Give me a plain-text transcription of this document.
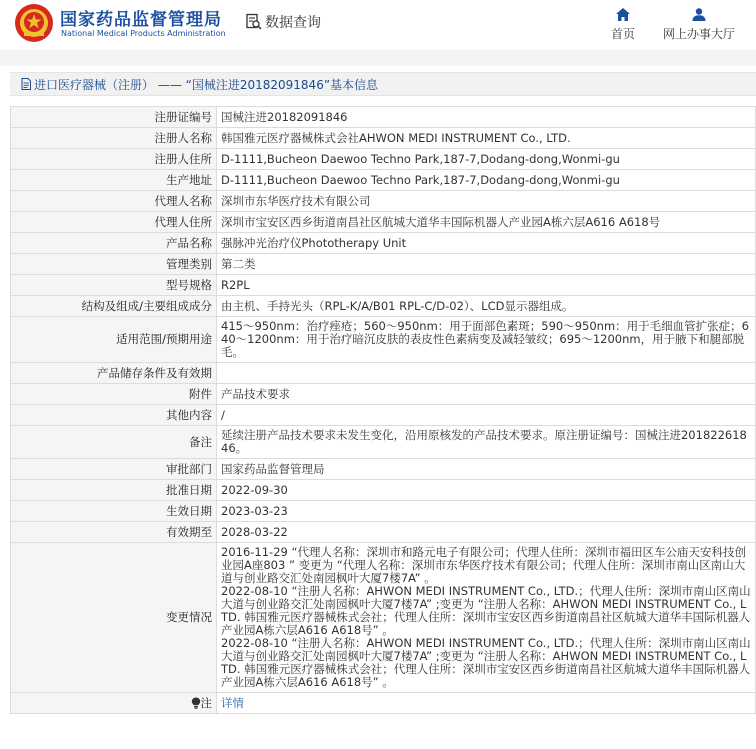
国家药品监督管理局
National Medical Products Administration
数据查询
首页 网上办事大厅
进口医疗器械（注册） —— “国械注进20182091846”基本信息
注册证编号	国械注进20182091846
注册人名称	韩国雅元医疗器械株式会社AHWON MEDI INSTRUMENT Co., LTD.
注册人住所	D-1111,Bucheon Daewoo Techno Park,187-7,Dodang-dong,Wonmi-gu
生产地址	D-1111,Bucheon Daewoo Techno Park,187-7,Dodang-dong,Wonmi-gu
代理人名称	深圳市东华医疗技术有限公司
代理人住所	深圳市宝安区西乡街道南昌社区航城大道华丰国际机器人产业园A栋六层A616 A618号
产品名称	强脉冲光治疗仪Phototherapy Unit
管理类别	第二类
型号规格	R2PL
结构及组成/主要组成成分	由主机、手持光头（RPL-K/A/B01 RPL-C/D-02）、LCD显示器组成。
适用范围/预期用途	415～950nm：治疗痤疮；560～950nm：用于面部色素斑；590～950nm：用于毛细血管扩张症；640～1200nm：用于治疗暗沉皮肤的表皮性色素病变及减轻皱纹；695～1200nm，用于腋下和腿部脱毛。
产品储存条件及有效期	
附件	产品技术要求
其他内容	/
备注	延续注册产品技术要求未发生变化，沿用原核发的产品技术要求。原注册证编号：国械注进20182261846。
审批部门	国家药品监督管理局
批准日期	2022-09-30
生效日期	2023-03-23
有效期至	2028-03-22
变更情况	2016-11-29 “代理人名称：深圳市和路元电子有限公司；代理人住所：深圳市福田区车公庙天安科技创业园A座803 ” 变更为 “代理人名称：深圳市东华医疗技术有限公司；代理人住所：深圳市南山区南山大道与创业路交汇处南园枫叶大厦7楼7A” 。
2022-08-10 “注册人名称：AHWON MEDI INSTRUMENT Co., LTD.；代理人住所：深圳市南山区南山大道与创业路交汇处南园枫叶大厦7楼7A” ;变更为 “注册人名称：AHWON MEDI INSTRUMENT Co., LTD. 韩国雅元医疗器械株式会社；代理人住所：深圳市宝安区西乡街道南昌社区航城大道华丰国际机器人产业园A栋六层A616 A618号” 。
2022-08-10 “注册人名称：AHWON MEDI INSTRUMENT Co., LTD.；代理人住所：深圳市南山区南山大道与创业路交汇处南园枫叶大厦7楼7A” ;变更为 “注册人名称：AHWON MEDI INSTRUMENT Co., LTD. 韩国雅元医疗器械株式会社；代理人住所：深圳市宝安区西乡街道南昌社区航城大道华丰国际机器人产业园A栋六层A616 A618号” 。

注	详情
